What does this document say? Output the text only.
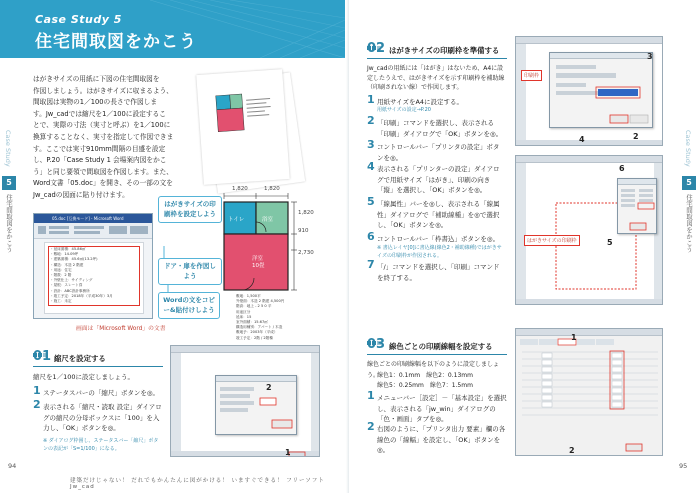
Case Study 5
住宅間取図をかこう
5
住宅間取図をかこう
Case Study
はがきサイズの用紙に下図の住宅間取図を
作図しましょう。はがきサイズに収まるよう、
間取図は実物の1／100の長さで作図しま
す。Jw_cadでは縮尺を1／100に設定するこ
とで、実際の寸法（実寸と呼ぶ）を1／100に
換算することなく、実寸を指定して作図できま
す。ここでは実寸910mm間隔の目盛を設定
し、P.20「Case Study 1 会場案内図をかこ
う」と同じ要領で間取図を作図します。また、
Word文書「05.doc」を開き、その一部の文を
Jw_cadの図面に貼り付けます。
05.doc [互換モード] - Microsoft Word
・延床面積：45.86㎡
・敷地：14.09坪
・建築面積：45.6㎡(13.2坪)
・構造：木造 2 階建
・用途：住宅
・階数：2 階
・外壁仕上：サイディング
・屋根：スレート葺
・設計：ABC設計事務所
・竣工予定：2018年（平成30年）3月
・施工：未定
画面は「Microsoft Word」の文書
1,820	1,820
1,820
910
2,730
トイレ	浴室
洋室
10畳
敷地：1,500平
外壁面：木造 2 階建 4,500円
階高：地上 - 2 5 0 平
用途区分
延床：15
室外面積：15.67㎡
構造用種別：アパート / 木造
敷地予：2003年（平成）
竣工予定：2階 / 2階棟
はがきサイズの印刷枠を設定しよう
ドア・扉を作図しよう
Wordの文をコピー&貼付けしよう
01 縮尺を設定する
縮尺を1／100に設定しましょう。
1 ステータスバーの「縮尺」ボタンを◎。
2 表示される「縮尺・読取 設定」ダイアログの縮尺の分母ボックスに「100」を入力し、「OK」ボタンを◎。
※ ダイアログ枠囲し、ステータスバー「縮尺」ボタンの表記が「S=1/100」になる。
2
1
94
建築だけじゃない！ だれでもかんたんに図がかける！ いますぐできる！ フリーソフトJw_cad
02 はがきサイズの印刷枠を準備する
Jw_cadの用紙には「はがき」はないため、A4に設定したうえで、はがきサイズを示す印刷枠を補助線（印刷されない線）で作図します。
1 用紙サイズをA4に設定する。
用紙サイズの設定→P.20
2 「印刷」コマンドを選択し、表示される「印刷」ダイアログで「OK」ボタンを◎。
3 コントロールバー「プリンタの設定」ボタンを◎。
4 表示される「プリンターの設定」ダイアログで用紙サイズ「はがき」、印刷の向き「縦」を選択し、「OK」ボタンを◎。
5 「線属性」バーを◎し、表示される「線属性」ダイアログで「補助線種」を◎で選択し、「OK」ボタンを◎。
6 コントロールバー「枠書込」ボタンを◎。
※ 書込レイヤ[0]に書込線(線色2・補助線種)ではがきサイズの印刷枠が作図される。
7 「/」コマンドを選択し、「印刷」コマンドを終了する。
印刷枠
3
2
4
はがきサイズの印刷枠
6
5
03 線色ごとの印刷線幅を設定する
線色ごとの印刷線幅を以下のように設定しましょう。
線色1：0.1mm　 線色2：0.13mm
線色5：0.25mm　 線色7：1.5mm
1 メニューバー［設定］－「基本設定」を選択し、表示される「jw_win」ダイアログの「色・画面」タブを◎。
2 右図のように、「プリンタ出力 要素」欄の各線色の「線幅」を設定し、「OK」ボタンを◎。	2
1
5
住宅間取図をかこう
Case Study
95
